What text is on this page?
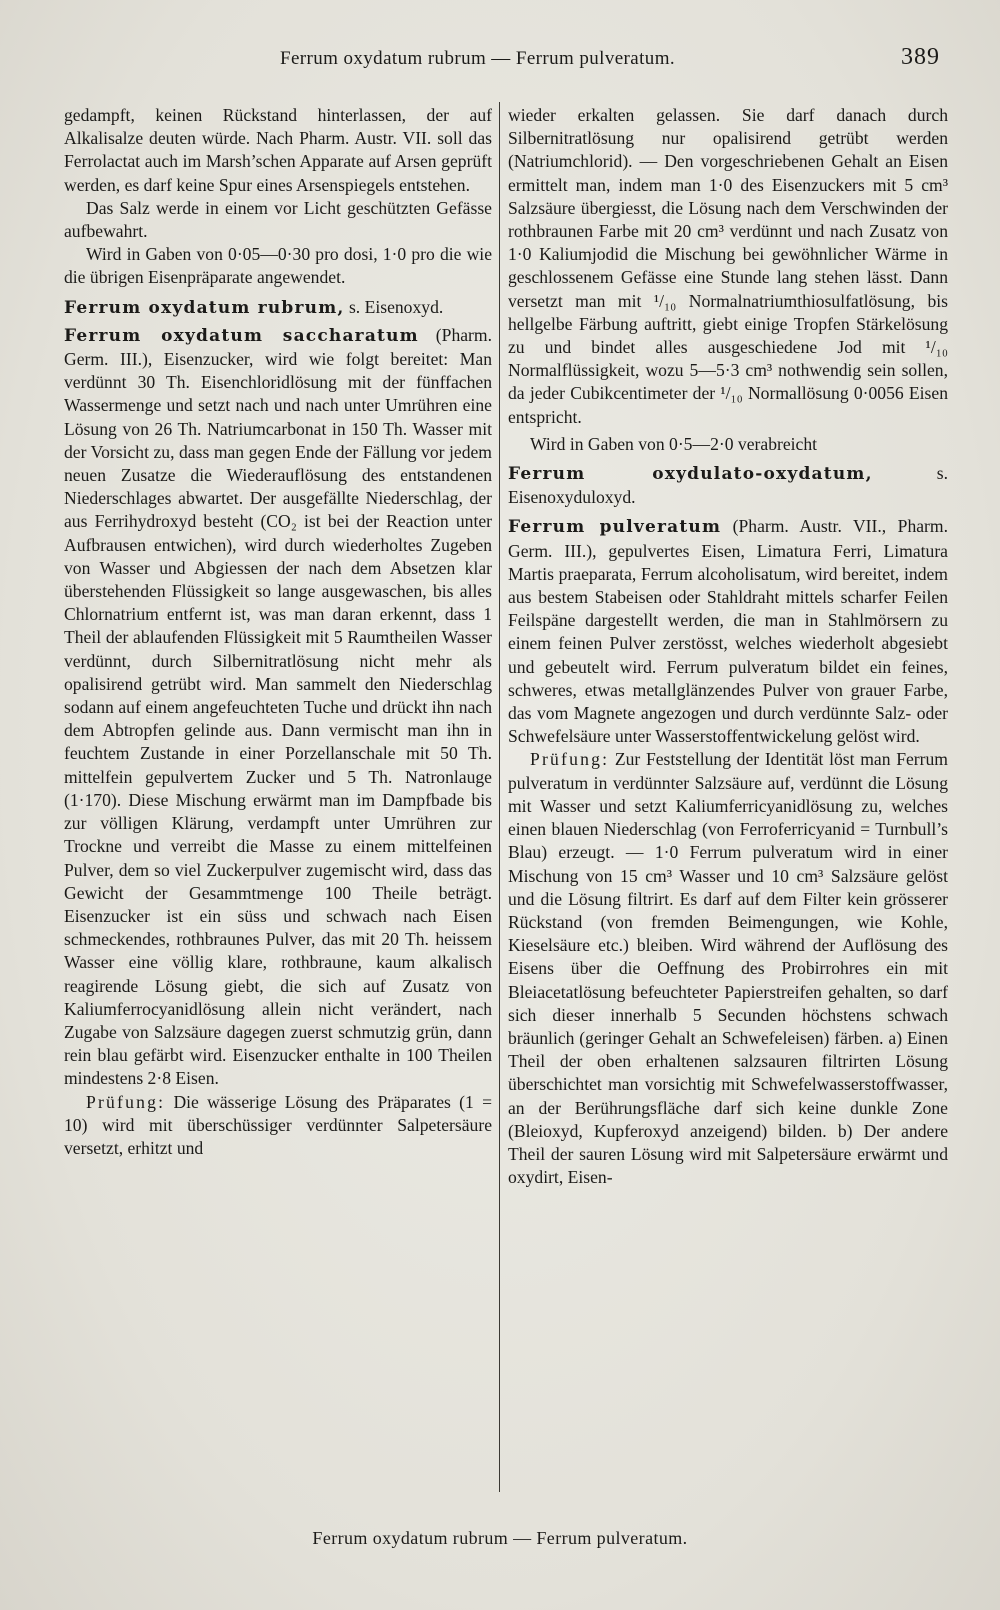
Ferrum oxydatum rubrum — Ferrum pulveratum.	389

gedampft, keinen Rückstand hinterlassen, der auf Alkalisalze deuten würde. Nach Pharm. Austr. VII. soll das Ferrolactat auch im Marsh’schen Apparate auf Arsen geprüft werden, es darf keine Spur eines Arsenspiegels entstehen.

Das Salz werde in einem vor Licht geschützten Gefässe aufbewahrt.

Wird in Gaben von 0·05—0·30 pro dosi, 1·0 pro die wie die übrigen Eisenpräparate angewendet.

Ferrum oxydatum rubrum, s. Eisenoxyd.

Ferrum oxydatum saccharatum (Pharm. Germ. III.), Eisenzucker, wird wie folgt bereitet: Man verdünnt 30 Th. Eisenchloridlösung mit der fünffachen Wassermenge und setzt nach und nach unter Umrühren eine Lösung von 26 Th. Natriumcarbonat in 150 Th. Wasser mit der Vorsicht zu, dass man gegen Ende der Fällung vor jedem neuen Zusatze die Wiederauflösung des entstandenen Niederschlages abwartet. Der ausgefällte Niederschlag, der aus Ferrihydroxyd besteht (CO₂ ist bei der Reaction unter Aufbrausen entwichen), wird durch wiederholtes Zugeben von Wasser und Abgiessen der nach dem Absetzen klar überstehenden Flüssigkeit so lange ausgewaschen, bis alles Chlornatrium entfernt ist, was man daran erkennt, dass 1 Theil der ablaufenden Flüssigkeit mit 5 Raumtheilen Wasser verdünnt, durch Silbernitratlösung nicht mehr als opalisirend getrübt wird. Man sammelt den Niederschlag sodann auf einem angefeuchteten Tuche und drückt ihn nach dem Abtropfen gelinde aus. Dann vermischt man ihn in feuchtem Zustande in einer Porzellanschale mit 50 Th. mittelfein gepulvertem Zucker und 5 Th. Natronlauge (1·170). Diese Mischung erwärmt man im Dampfbade bis zur völligen Klärung, verdampft unter Umrühren zur Trockne und verreibt die Masse zu einem mittelfeinen Pulver, dem so viel Zuckerpulver zugemischt wird, dass das Gewicht der Gesammtmenge 100 Theile beträgt. Eisenzucker ist ein süss und schwach nach Eisen schmeckendes, rothbraunes Pulver, das mit 20 Th. heissem Wasser eine völlig klare, rothbraune, kaum alkalisch reagirende Lösung giebt, die sich auf Zusatz von Kaliumferrocyanidlösung allein nicht verändert, nach Zugabe von Salzsäure dagegen zuerst schmutzig grün, dann rein blau gefärbt wird. Eisenzucker enthalte in 100 Theilen mindestens 2·8 Eisen.

Prüfung: Die wässerige Lösung des Präparates (1 = 10) wird mit überschüssiger verdünnter Salpetersäure versetzt, erhitzt und

wieder erkalten gelassen. Sie darf danach durch Silbernitratlösung nur opalisirend getrübt werden (Natriumchlorid). — Den vorgeschriebenen Gehalt an Eisen ermittelt man, indem man 1·0 des Eisenzuckers mit 5 cm³ Salzsäure übergiesst, die Lösung nach dem Verschwinden der rothbraunen Farbe mit 20 cm³ verdünnt und nach Zusatz von 1·0 Kaliumjodid die Mischung bei gewöhnlicher Wärme in geschlossenem Gefässe eine Stunde lang stehen lässt. Dann versetzt man mit ¹/₁₀ Normalnatriumthiosulfatlösung, bis hellgelbe Färbung auftritt, giebt einige Tropfen Stärkelösung zu und bindet alles ausgeschiedene Jod mit ¹/₁₀ Normalflüssigkeit, wozu 5—5·3 cm³ nothwendig sein sollen, da jeder Cubikcentimeter der ¹/₁₀ Normallösung 0·0056 Eisen entspricht.

Wird in Gaben von 0·5—2·0 verabreicht

Ferrum oxydulato-oxydatum, s. Eisenoxyduloxyd.

Ferrum pulveratum (Pharm. Austr. VII., Pharm. Germ. III.), gepulvertes Eisen, Limatura Ferri, Limatura Martis praeparata, Ferrum alcoholisatum, wird bereitet, indem aus bestem Stabeisen oder Stahldraht mittels scharfer Feilen Feilspäne dargestellt werden, die man in Stahlmörsern zu einem feinen Pulver zerstösst, welches wiederholt abgesiebt und gebeutelt wird. Ferrum pulveratum bildet ein feines, schweres, etwas metallglänzendes Pulver von grauer Farbe, das vom Magnete angezogen und durch verdünnte Salz- oder Schwefelsäure unter Wasserstoffentwickelung gelöst wird.

Prüfung: Zur Feststellung der Identität löst man Ferrum pulveratum in verdünnter Salzsäure auf, verdünnt die Lösung mit Wasser und setzt Kaliumferricyanidlösung zu, welches einen blauen Niederschlag (von Ferroferricyanid = Turnbull’s Blau) erzeugt. — 1·0 Ferrum pulveratum wird in einer Mischung von 15 cm³ Wasser und 10 cm³ Salzsäure gelöst und die Lösung filtrirt. Es darf auf dem Filter kein grösserer Rückstand (von fremden Beimengungen, wie Kohle, Kieselsäure etc.) bleiben. Wird während der Auflösung des Eisens über die Oeffnung des Probirrohres ein mit Bleiacetatlösung befeuchteter Papierstreifen gehalten, so darf sich dieser innerhalb 5 Secunden höchstens schwach bräunlich (geringer Gehalt an Schwefeleisen) färben. a) Einen Theil der oben erhaltenen salzsauren filtrirten Lösung überschichtet man vorsichtig mit Schwefelwasserstoffwasser, an der Berührungsfläche darf sich keine dunkle Zone (Bleioxyd, Kupferoxyd anzeigend) bilden. b) Der andere Theil der sauren Lösung wird mit Salpetersäure erwärmt und oxydirt, Eisen-

Ferrum oxydatum rubrum — Ferrum pulveratum.
